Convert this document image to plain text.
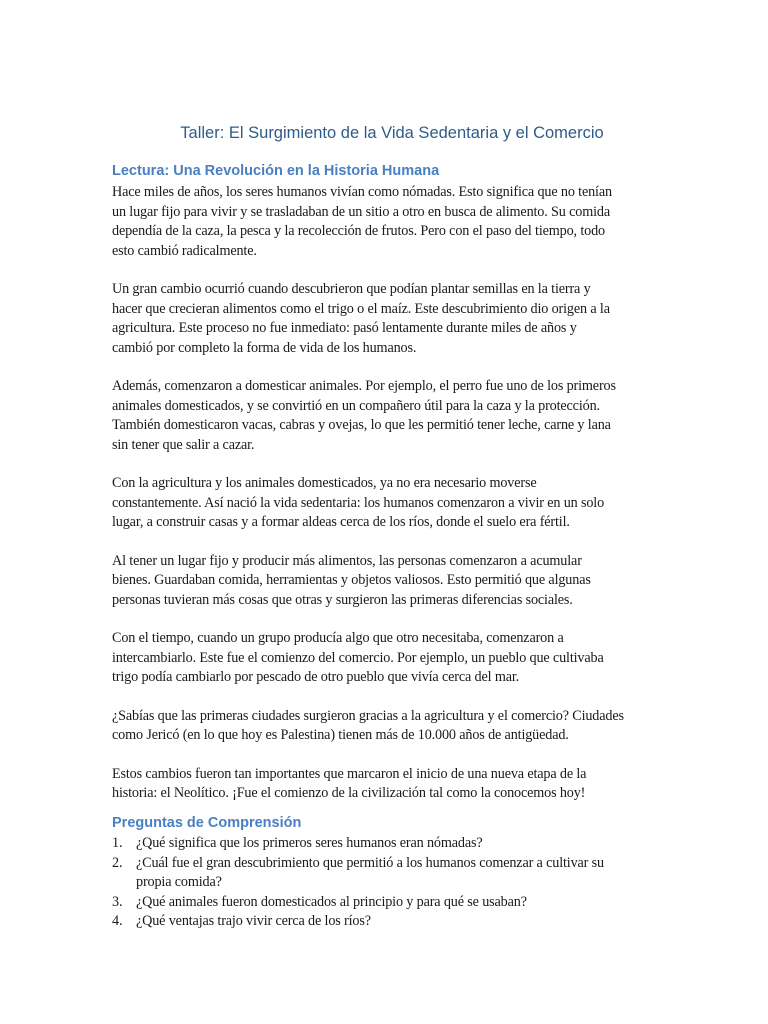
Taller: El Surgimiento de la Vida Sedentaria y el Comercio
Lectura: Una Revolución en la Historia Humana

Hace miles de años, los seres humanos vivían como nómadas. Esto significa que no tenían
un lugar fijo para vivir y se trasladaban de un sitio a otro en busca de alimento. Su comida
dependía de la caza, la pesca y la recolección de frutos. Pero con el paso del tiempo, todo
esto cambió radicalmente.

Un gran cambio ocurrió cuando descubrieron que podían plantar semillas en la tierra y
hacer que crecieran alimentos como el trigo o el maíz. Este descubrimiento dio origen a la
agricultura. Este proceso no fue inmediato: pasó lentamente durante miles de años y
cambió por completo la forma de vida de los humanos.

Además, comenzaron a domesticar animales. Por ejemplo, el perro fue uno de los primeros
animales domesticados, y se convirtió en un compañero útil para la caza y la protección.
También domesticaron vacas, cabras y ovejas, lo que les permitió tener leche, carne y lana
sin tener que salir a cazar.

Con la agricultura y los animales domesticados, ya no era necesario moverse
constantemente. Así nació la vida sedentaria: los humanos comenzaron a vivir en un solo
lugar, a construir casas y a formar aldeas cerca de los ríos, donde el suelo era fértil.

Al tener un lugar fijo y producir más alimentos, las personas comenzaron a acumular
bienes. Guardaban comida, herramientas y objetos valiosos. Esto permitió que algunas
personas tuvieran más cosas que otras y surgieron las primeras diferencias sociales.

Con el tiempo, cuando un grupo producía algo que otro necesitaba, comenzaron a
intercambiarlo. Este fue el comienzo del comercio. Por ejemplo, un pueblo que cultivaba
trigo podía cambiarlo por pescado de otro pueblo que vivía cerca del mar.

¿Sabías que las primeras ciudades surgieron gracias a la agricultura y el comercio? Ciudades
como Jericó (en lo que hoy es Palestina) tienen más de 10.000 años de antigüedad.

Estos cambios fueron tan importantes que marcaron el inicio de una nueva etapa de la
historia: el Neolítico. ¡Fue el comienzo de la civilización tal como la conocemos hoy!

Preguntas de Comprensión
1. ¿Qué significa que los primeros seres humanos eran nómadas?
2. ¿Cuál fue el gran descubrimiento que permitió a los humanos comenzar a cultivar su
propia comida?
3. ¿Qué animales fueron domesticados al principio y para qué se usaban?
4. ¿Qué ventajas trajo vivir cerca de los ríos?
